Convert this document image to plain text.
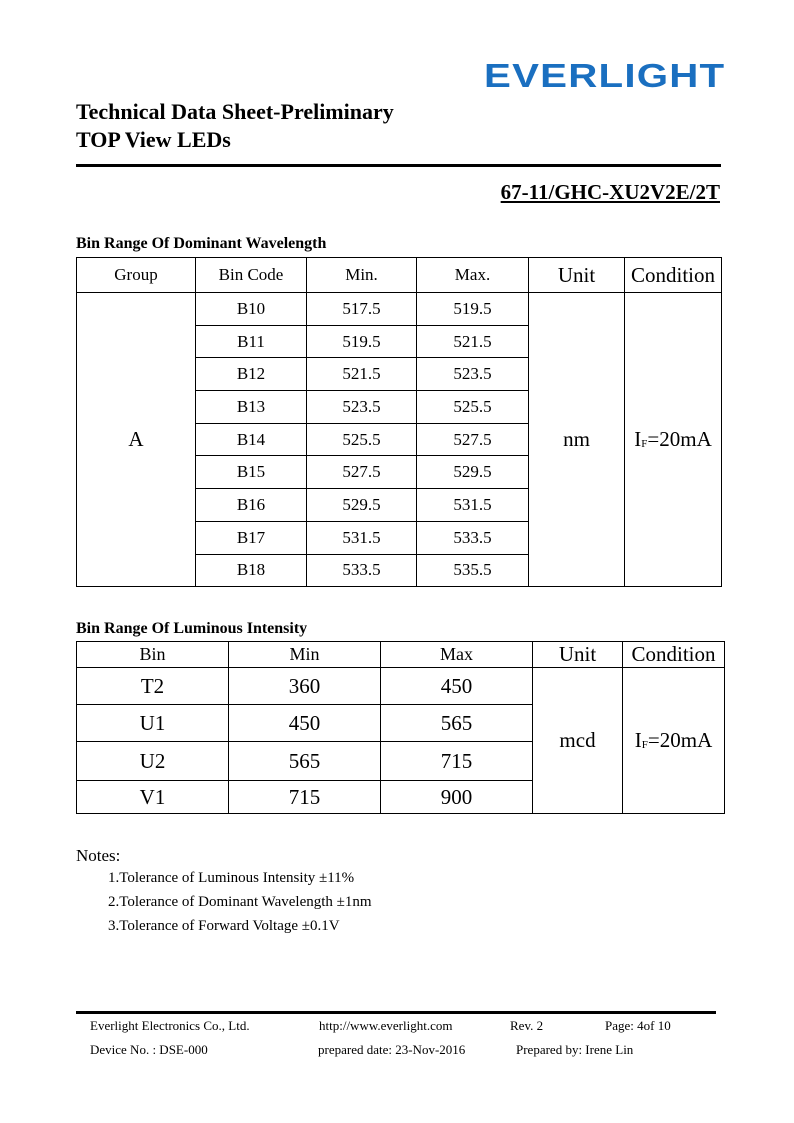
EVERLIGHT
Technical Data Sheet-Preliminary
TOP View LEDs
67-11/GHC-XU2V2E/2T
Bin Range Of Dominant Wavelength
Group	Bin Code	Min.	Max.	Unit	Condition
A	B10	517.5	519.5	nm	$I_F=20mA$
	B11	519.5	521.5		
	B12	521.5	523.5		
	B13	523.5	525.5		
	B14	525.5	527.5		
	B15	527.5	529.5		
	B16	529.5	531.5		
	B17	531.5	533.5		
	B18	533.5	535.5		
Bin Range Of Luminous Intensity
Bin	Min	Max	Unit	Condition
T2	360	450	mcd	$I_F=20mA$
U1	450	565		
U2	565	715		
V1	715	900		
Notes:
1.Tolerance of Luminous Intensity ±11%
2.Tolerance of Dominant Wavelength ±1nm
3.Tolerance of Forward Voltage ±0.1V
Everlight Electronics Co., Ltd.	http://www.everlight.com	Rev. 2	Page: 4of 10
Device No. : DSE-000	prepared date: 23-Nov-2016	Prepared by: Irene Lin
